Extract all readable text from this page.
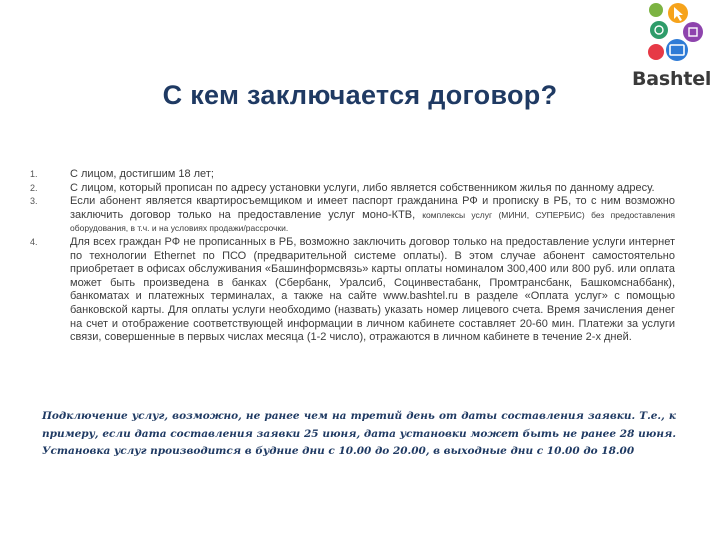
С кем заключается договор?
Bashtel
1.	С лицом, достигшим 18 лет;
2.	С лицом, который прописан по адресу установки услуги, либо является собственником жилья по данному адресу.
3.	Если абонент является квартиросъемщиком и имеет паспорт гражданина РФ и прописку в РБ, то с ним возможно заключить договор только на предоставление услуг моно-КТВ, комплексы услуг (МИНИ, СУПЕРБИС) без предоставления оборудования, в т.ч. и на условиях продажи/рассрочки.
4.	Для всех граждан РФ не прописанных в РБ, возможно заключить договор только на предоставление услуги интернет по технологии Ethernet по ПСО (предварительной системе оплаты). В этом случае абонент самостоятельно приобретает в офисах обслуживания «Башинформсвязь» карты оплаты номиналом 300,400 или 800 руб. или оплата может быть произведена в банках (Сбербанк, Уралсиб, Социнвестабанк, Промтрансбанк, Башкомснаббанк), банкоматах и платежных терминалах, а также на сайте www.bashtel.ru в разделе «Оплата услуг» с помощью банковской карты. Для оплаты услуги необходимо (назвать) указать номер лицевого счета. Время зачисления денег на счет и отображение соответствующей информации в личном кабинете составляет 20-60 мин. Платежи за услуги связи, совершенные в первых числах месяца (1-2 число), отражаются в личном кабинете в течение 2-х дней.
Подключение услуг, возможно, не ранее чем на третий день от даты составления заявки. Т.е., к примеру, если дата составления заявки 25 июня, дата установки может быть не ранее 28 июня. Установка услуг производится в будние дни с 10.00 до 20.00, в выходные дни с 10.00 до 18.00
